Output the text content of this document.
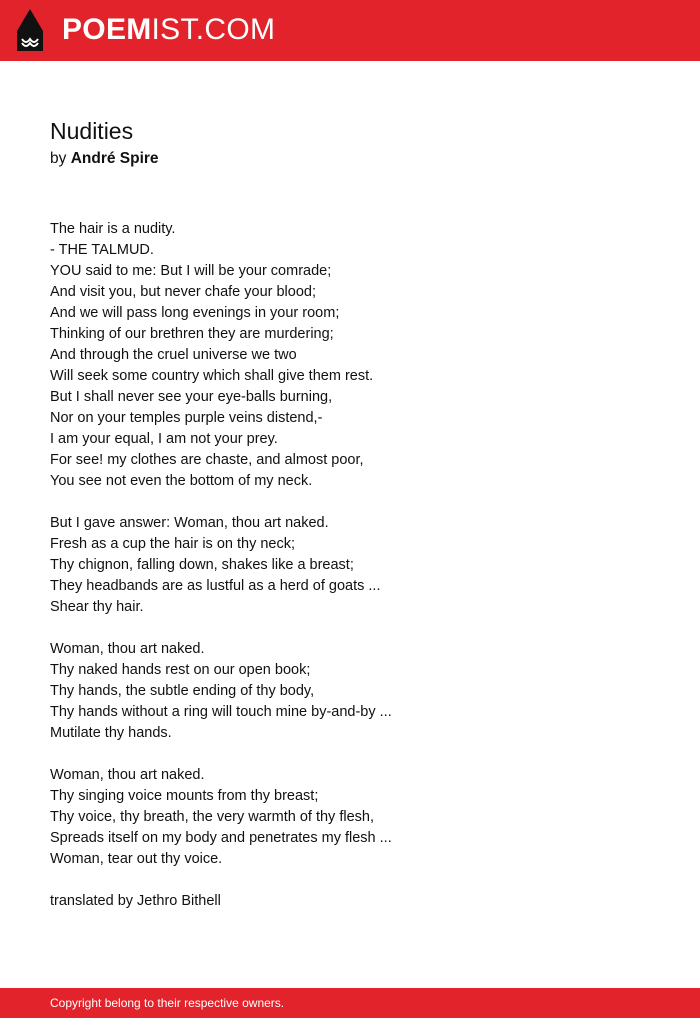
POEMIST.COM
Nudities
by André Spire
The hair is a nudity.
- THE TALMUD.
YOU said to me: But I will be your comrade;
And visit you, but never chafe your blood;
And we will pass long evenings in your room;
Thinking of our brethren they are murdering;
And through the cruel universe we two
Will seek some country which shall give them rest.
But I shall never see your eye-balls burning,
Nor on your temples purple veins distend,-
I am your equal, I am not your prey.
For see! my clothes are chaste, and almost poor,
You see not even the bottom of my neck.
But I gave answer: Woman, thou art naked.
Fresh as a cup the hair is on thy neck;
Thy chignon, falling down, shakes like a breast;
They headbands are as lustful as a herd of goats ...
Shear thy hair.
Woman, thou art naked.
Thy naked hands rest on our open book;
Thy hands, the subtle ending of thy body,
Thy hands without a ring will touch mine by-and-by ...
Mutilate thy hands.
Woman, thou art naked.
Thy singing voice mounts from thy breast;
Thy voice, thy breath, the very warmth of thy flesh,
Spreads itself on my body and penetrates my flesh ...
Woman, tear out thy voice.
translated by Jethro Bithell
Copyright belong to their respective owners.
